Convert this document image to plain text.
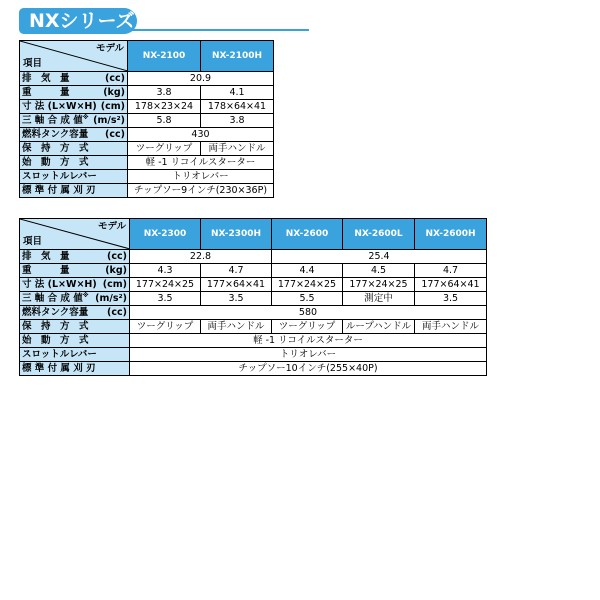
NXシリーズ
モデル
項目	NX-2100	NX-2100H

排　気　量 (cc)	20.9	

重　　　量 (kg)	3.8	4.1

寸 法 (L×W×H) (cm)	178×23×24	178×64×41

三 軸 合 成 値※ (m/s²)	5.8	3.8

燃料タンク容量 (cc)	430	

保　持　方　式	ツーグリップ	両手ハンドル

始　動　方　式	軽 -1 リコイルスターター	

スロットルレバー	トリオレバー	

標 準 付 属 刈 刃	チップソー9インチ(230×36P)	
モデル
項目	NX-2300	NX-2300H	NX-2600	NX-2600L	NX-2600H

排　気　量 (cc)	22.8		25.4		

重　　　量 (kg)	4.3	4.7	4.4	4.5	4.7

寸 法 (L×W×H) (cm)	177×24×25	177×64×41	177×24×25	177×24×25	177×64×41

三 軸 合 成 値※ (m/s²)	3.5	3.5	5.5	測定中	3.5

燃料タンク容量 (cc)	580				

保　持　方　式	ツーグリップ	両手ハンドル	ツーグリップ	ループハンドル	両手ハンドル

始　動　方　式	軽 -1 リコイルスターター				

スロットルレバー	トリオレバー				

標 準 付 属 刈 刃	チップソー10インチ(255×40P)				
